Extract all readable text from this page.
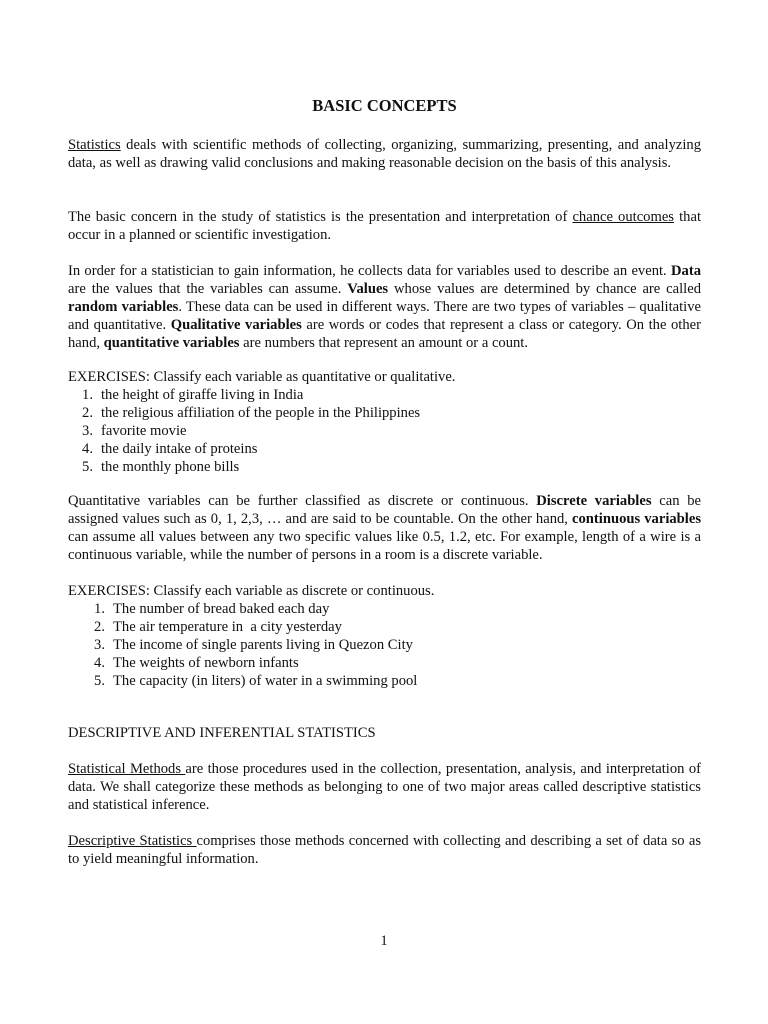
BASIC CONCEPTS

Statistics deals with scientific methods of collecting, organizing, summarizing, presenting, and analyzing data, as well as drawing valid conclusions and making reasonable decision on the basis of this analysis.

The basic concern in the study of statistics is the presentation and interpretation of chance outcomes that occur in a planned or scientific investigation.

In order for a statistician to gain information, he collects data for variables used to describe an event. Data are the values that the variables can assume. Values whose values are determined by chance are called random variables. These data can be used in different ways. There are two types of variables – qualitative and quantitative. Qualitative variables are words or codes that represent a class or category. On the other hand, quantitative variables are numbers that represent an amount or a count.

EXERCISES: Classify each variable as quantitative or qualitative.

1. the height of giraffe living in India
2. the religious affiliation of the people in the Philippines
3. favorite movie
4. the daily intake of proteins
5. the monthly phone bills

Quantitative variables can be further classified as discrete or continuous. Discrete variables can be assigned values such as 0, 1, 2,3, … and are said to be countable. On the other hand, continuous variables can assume all values between any two specific values like 0.5, 1.2, etc. For example, length of a wire is a continuous variable, while the number of persons in a room is a discrete variable.

EXERCISES: Classify each variable as discrete or continuous.

1. The number of bread baked each day
2. The air temperature in  a city yesterday
3. The income of single parents living in Quezon City
4. The weights of newborn infants
5. The capacity (in liters) of water in a swimming pool

DESCRIPTIVE AND INFERENTIAL STATISTICS

Statistical Methods are those procedures used in the collection, presentation, analysis, and interpretation of data. We shall categorize these methods as belonging to one of two major areas called descriptive statistics and statistical inference.

Descriptive Statistics comprises those methods concerned with collecting and describing a set of data so as to yield meaningful information.

1
